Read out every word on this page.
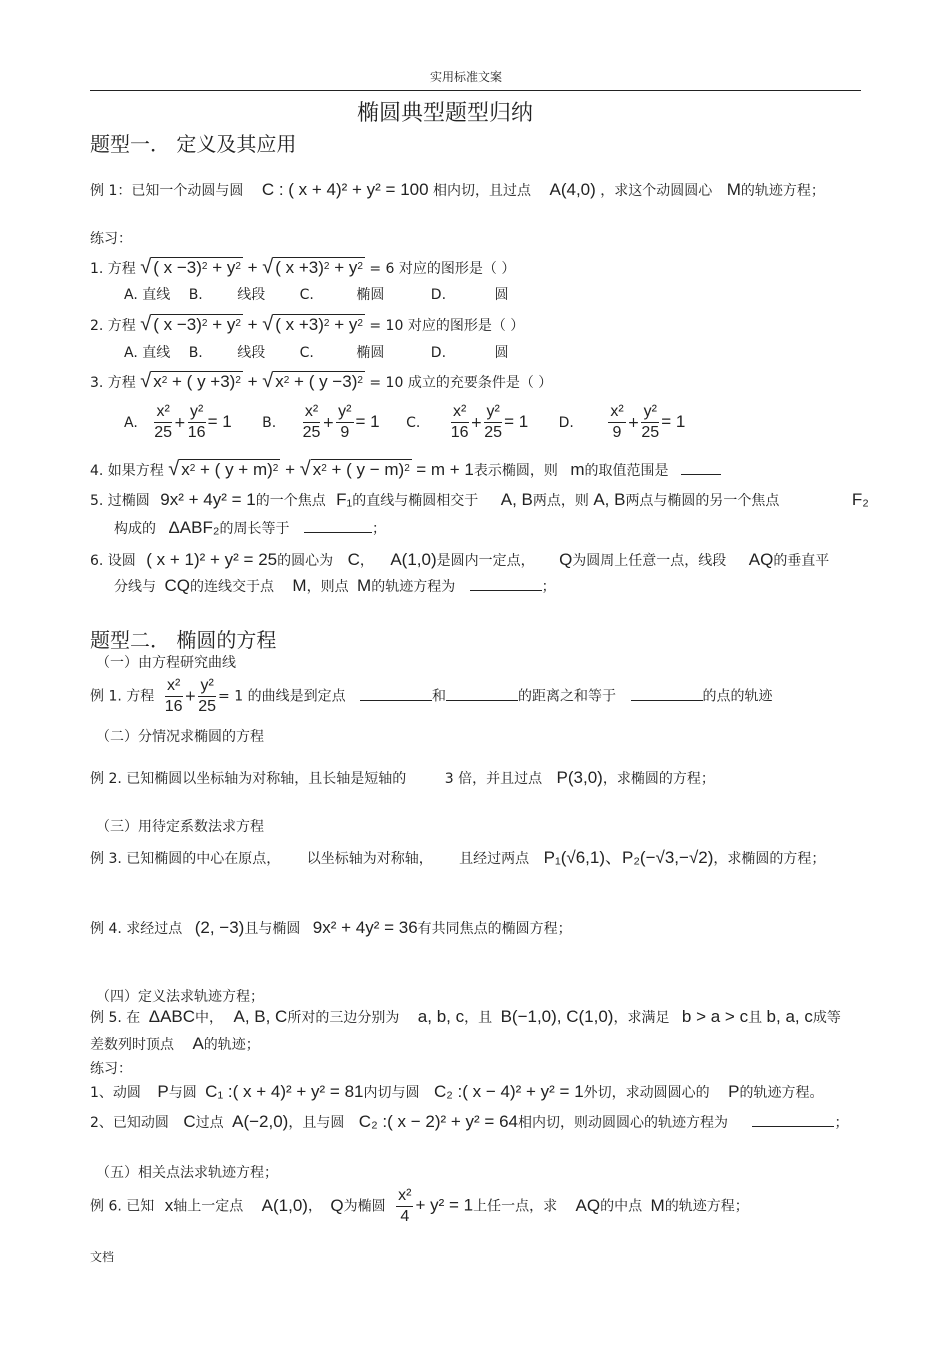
实用标准文案
椭圆典型题型归纳
题型一． 定义及其应用
例 1：已知一个动圆与圆 C : ( x + 4)² + y² = 100 相内切，且过点 A(4,0) ，求这个动圆圆心 M的轨迹方程；
练习：
1. 方程 √ ( $x -3)^2 + y^2$ + √ ( $x +3)^2 + y^2 = 6$ 对应的图形是（ ）
A. 直线 B. 线段 C.	椭圆	D.	圆
2. 方程 √ ( $x -3)^2 + y^2$ + √ ( $x +3)^2 + y^2 = 10$ 对应的图形是（ ）
A. 直线 B. 线段 C.	椭圆	D.	圆
3. 方程 √ $x^2$ + ( y +3)$^2$ + √ $x^2$ + ( y −3)$^2$ = 10 成立的充要条件是（ ）
A. $\frac{\text{x²}}{25} + \frac{\text{y²}}{16} = 1$ B. $\frac{\text{x²}}{25} + \frac{\text{y²}}{9} = 1$ C. $\frac{\text{x²}}{16} + \frac{\text{y²}}{25} = 1$ D. $\frac{\text{x²}}{9} + \frac{\text{y²}}{25} = 1$
4. 如果方程 √ $x^2$ + ( y + m)$^2$ + √ $x^2$ + ( y − m)$^2$ = m + 1表示椭圆，则 m的取值范围是
5. 过椭圆 9x² + 4y² = 1的一个焦点 F₁的直线与椭圆相交于 A, B两点，则 A, B两点与椭圆的另一个焦点	F₂
构成的 ΔABF₂的周长等于	；
6. 设圆 ( x + 1)² + y² = 25的圆心为 C， A(1,0)是圆内一定点， Q为圆周上任意一点，线段 AQ的垂直平
分线与 CQ的连线交于点 M，则点 M的轨迹方程为	；
题型二． 椭圆的方程
（一）由方程研究曲线
例 1. 方程 $\frac{\text{x²}}{16} + \frac{\text{y²}}{25} = 1$ 的曲线是到定点	和	的距离之和等于	的点的轨迹
（二）分情况求椭圆的方程
例 2. 已知椭圆以坐标轴为对称轴，且长轴是短轴的	3 倍，并且过点 P(3,0)，求椭圆的方程；
（三）用待定系数法求方程
例 3. 已知椭圆的中心在原点， 以坐标轴为对称轴， 且经过两点 P₁(√6,1)、P₂(−√3,−√2)，求椭圆的方程；
例 4. 求经过点 (2, −3)且与椭圆 9x² + 4y² = 36有共同焦点的椭圆方程；
（四）定义法求轨迹方程；
例 5. 在 ΔABC中， A, B, C所对的三边分别为 a, b, c，且 B(−1,0), C(1,0)，求满足 b > a > c且 b, a, c成等
差数列时顶点 A的轨迹；
练习：
1、动圆 P与圆 C₁ :( x + 4)² + y² = 81内切与圆 C₂ :( x − 4)² + y² = 1外切，求动圆圆心的 P的轨迹方程。
2、已知动圆 C过点 A(−2,0)，且与圆 C₂ :( x − 2)² + y² = 64相内切，则动圆圆心的轨迹方程为	；
（五）相关点法求轨迹方程；
例 6. 已知 x轴上一定点 A(1,0)， Q为椭圆 $\frac{\text{x²}}{4} + y^2 = 1$上任一点，求 AQ的中点 M的轨迹方程；
文档
